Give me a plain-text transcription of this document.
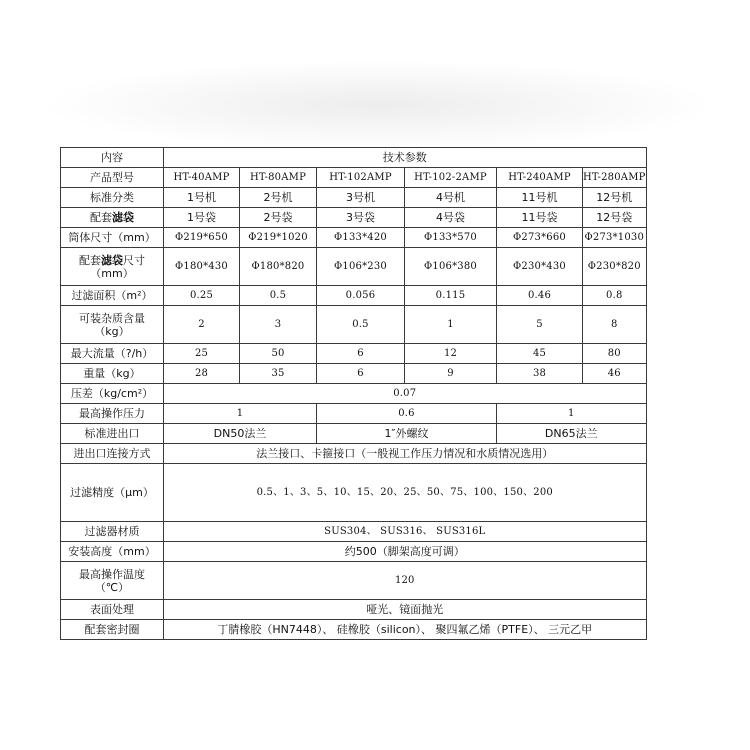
内容	技术参数					
产品型号	HT-40AMP	HT-80AMP	HT-102AMP	HT-102-2AMP	HT-240AMP	HT-280AMP
标准分类	1号机	2号机	3号机	4号机	11号机	12号机
配套滤袋	1号袋	2号袋	3号袋	4号袋	11号袋	12号袋
筒体尺寸（mm）	Φ219*650	Φ219*1020	Φ133*420	Φ133*570	Φ273*660	Φ273*1030
配套滤袋尺寸
（mm）	Φ180*430	Φ180*820	Φ106*230	Φ106*380	Φ230*430	Φ230*820
过滤面积（m²）	0.25	0.5	0.056	0.115	0.46	0.8
可装杂质含量
（kg）	2	3	0.5	1	5	8
最大流量（?/h）	25	50	6	12	45	80
重量（kg）	28	35	6	9	38	46
压差（kg/cm²）	0.07					
最高操作压力	1		0.6		1	
标准进出口	DN50法兰		1″外螺纹		DN65法兰	
进出口连接方式	法兰接口、卡箍接口（一般视工作压力情况和水质情况选用）					
过滤精度（μm）	0.5、1、3、5、10、15、20、25、50、75、100、150、200					
过滤器材质	SUS304、 SUS316、 SUS316L					
安装高度（mm）	约500（脚架高度可调）					
最高操作温度
（℃）	120					
表面处理	哑光、镜面抛光					
配套密封圈	丁腈橡胶（HN7448）、 硅橡胶（silicon）、 聚四氟乙烯（PTFE）、 三元乙甲					
